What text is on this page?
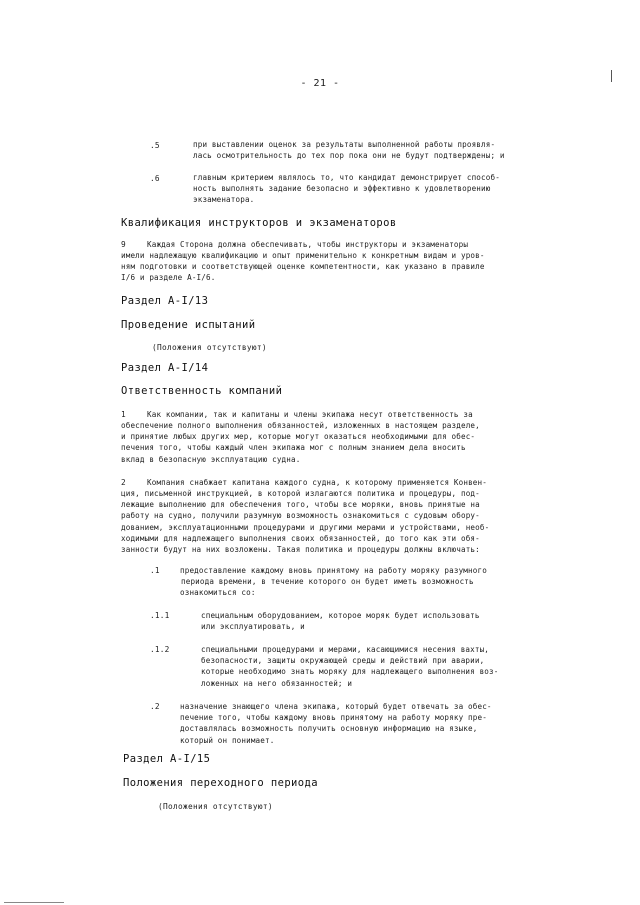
- 21 -
.5	при выставлении оценок за результаты выполненной работы проявля-
лась осмотрительность до тех пор пока они не будут подтверждены; и
.6	главным критерием являлось то, что кандидат демонстрирует способ-
ность выполнять задание безопасно и эффективно к удовлетворению
экзаменатора.
Квалификация инструкторов и экзаменаторов
9	Каждая Сторона должна обеспечивать, чтобы инструкторы и экзаменаторы
имели надлежащую квалификацию и опыт применительно к конкретным видам и уров-
ням подготовки и соответствующей оценке компетентности, как указано в правиле
I/6 и разделе A-I/6.
Раздел A-I/13
Проведение испытаний
(Положения отсутствуют)
Раздел A-I/14
Ответственность компаний
1	Как компании, так и капитаны и члены экипажа несут ответственность за
обеспечение полного выполнения обязанностей, изложенных в настоящем разделе,
и принятие любых других мер, которые могут оказаться необходимыми для обес-
печения того, чтобы каждый член экипажа мог с полным знанием дела вносить
вклад в безопасную эксплуатацию судна.
2	Компания снабжает капитана каждого судна, к которому применяется Конвен-
ция, письменной инструкцией, в которой излагаются политика и процедуры, под-
лежащие выполнению для обеспечения того, чтобы все моряки, вновь принятые на
работу на судно, получили разумную возможность ознакомиться с судовым обору-
дованием, эксплуатационными процедурами и другими мерами и устройствами, необ-
ходимыми для надлежащего выполнения своих обязанностей, до того как эти обя-
занности будут на них возложены. Такая политика и процедуры должны включать:
.1	предоставление каждому вновь принятому на работу моряку разумного
периода времени, в течение которого он будет иметь возможность
ознакомиться со:
.1.1	специальным оборудованием, которое моряк будет использовать
или эксплуатировать, и
.1.2	специальными процедурами и мерами, касающимися несения вахты,
безопасности, защиты окружающей среды и действий при аварии,
которые необходимо знать моряку для надлежащего выполнения воз-
ложенных на него обязанностей; и
.2	назначение знающего члена экипажа, который будет отвечать за обес-
печение того, чтобы каждому вновь принятому на работу моряку пре-
доставлялась возможность получить основную информацию на языке,
который он понимает.
Раздел A-I/15
Положения переходного периода
(Положения отсутствуют)
